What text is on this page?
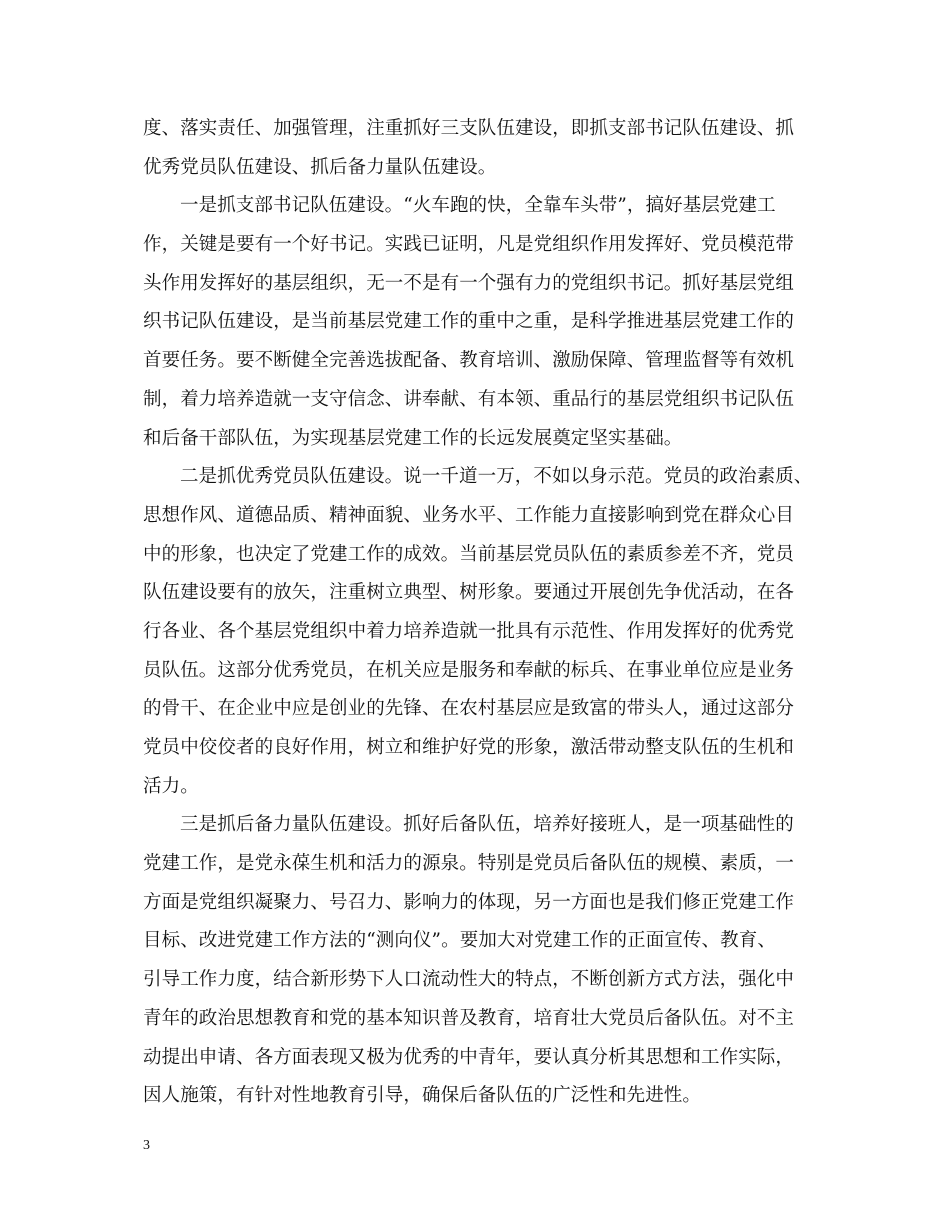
度、落实责任、加强管理，注重抓好三支队伍建设，即抓支部书记队伍建设、抓
优秀党员队伍建设、抓后备力量队伍建设。
一是抓支部书记队伍建设。“火车跑的快，全靠车头带”，搞好基层党建工
作，关键是要有一个好书记。实践已证明，凡是党组织作用发挥好、党员模范带
头作用发挥好的基层组织，无一不是有一个强有力的党组织书记。抓好基层党组
织书记队伍建设，是当前基层党建工作的重中之重，是科学推进基层党建工作的
首要任务。要不断健全完善选拔配备、教育培训、激励保障、管理监督等有效机
制，着力培养造就一支守信念、讲奉献、有本领、重品行的基层党组织书记队伍
和后备干部队伍，为实现基层党建工作的长远发展奠定坚实基础。
二是抓优秀党员队伍建设。说一千道一万，不如以身示范。党员的政治素质、
思想作风、道德品质、精神面貌、业务水平、工作能力直接影响到党在群众心目
中的形象，也决定了党建工作的成效。当前基层党员队伍的素质参差不齐，党员
队伍建设要有的放矢，注重树立典型、树形象。要通过开展创先争优活动，在各
行各业、各个基层党组织中着力培养造就一批具有示范性、作用发挥好的优秀党
员队伍。这部分优秀党员，在机关应是服务和奉献的标兵、在事业单位应是业务
的骨干、在企业中应是创业的先锋、在农村基层应是致富的带头人，通过这部分
党员中佼佼者的良好作用，树立和维护好党的形象，激活带动整支队伍的生机和
活力。
三是抓后备力量队伍建设。抓好后备队伍，培养好接班人，是一项基础性的
党建工作，是党永葆生机和活力的源泉。特别是党员后备队伍的规模、素质，一
方面是党组织凝聚力、号召力、影响力的体现，另一方面也是我们修正党建工作
目标、改进党建工作方法的“测向仪”。要加大对党建工作的正面宣传、教育、
引导工作力度，结合新形势下人口流动性大的特点，不断创新方式方法，强化中
青年的政治思想教育和党的基本知识普及教育，培育壮大党员后备队伍。对不主
动提出申请、各方面表现又极为优秀的中青年，要认真分析其思想和工作实际，
因人施策，有针对性地教育引导，确保后备队伍的广泛性和先进性。
3
